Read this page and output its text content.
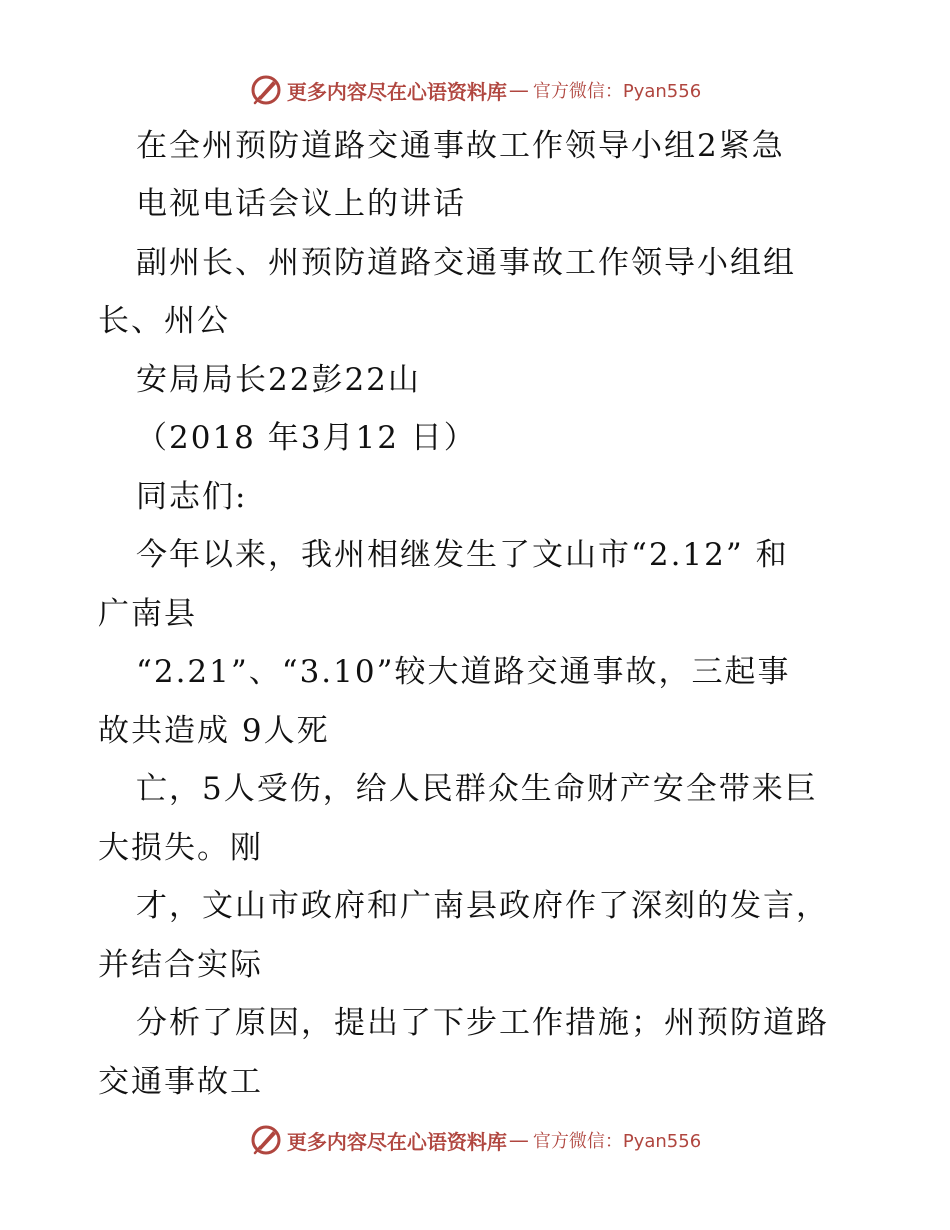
更多内容尽在心语资料库 — 官方微信：Pyan556
在全州预防道路交通事故工作领导小组2紧急
电视电话会议上的讲话
副州长、州预防道路交通事故工作领导小组组
长、州公
安局局长22彭22山
（2018 年3月12 日）
同志们:
今年以来，我州相继发生了文山市“2.12” 和
广南县
“2.21”、“3.10”较大道路交通事故，三起事
故共造成 9人死
亡，5人受伤，给人民群众生命财产安全带来巨
大损失。刚
才，文山市政府和广南县政府作了深刻的发言，
并结合实际
分析了原因，提出了下步工作措施；州预防道路
交通事故工
更多内容尽在心语资料库 — 官方微信：Pyan556
